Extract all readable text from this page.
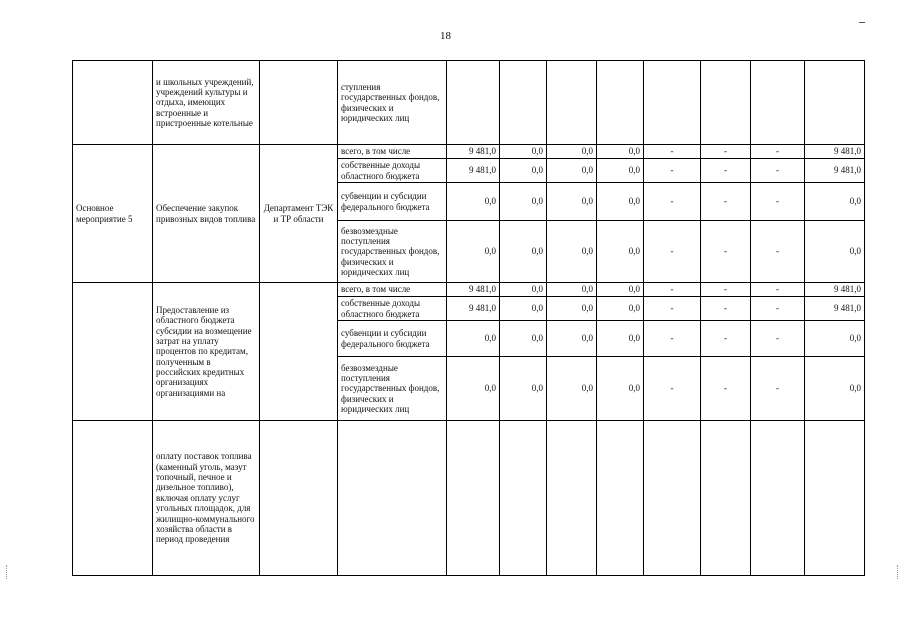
18
	и школьных учреждений, учреждений культуры и отдыха, имеющих встроенные и пристроенные котельные		ступления государственных фондов, физических и юридических лиц								
Основное мероприятие 5	Обеспечение закупок привозных видов топлива	Департамент ТЭК и ТР области	всего, в том числе	9 481,0	0,0	0,0	0,0	-	-	-	9 481,0
			собственные доходы областного бюджета	9 481,0	0,0	0,0	0,0	-	-	-	9 481,0
			субвенции и субсидии федерального бюджета	0,0	0,0	0,0	0,0	-	-	-	0,0
			безвозмездные поступления государственных фондов, физических и юридических лиц	0,0	0,0	0,0	0,0	-	-	-	0,0
	Предоставление из областного бюджета субсидии на возмещение затрат на уплату процентов по кредитам, полученным в российских кредитных организациях организациями на		всего, в том числе	9 481,0	0,0	0,0	0,0	-	-	-	9 481,0
			собственные доходы областного бюджета	9 481,0	0,0	0,0	0,0	-	-	-	9 481,0
			субвенции и субсидии федерального бюджета	0,0	0,0	0,0	0,0	-	-	-	0,0
			безвозмездные поступления государственных фондов, физических и юридических лиц	0,0	0,0	0,0	0,0	-	-	-	0,0
	оплату поставок топлива (каменный уголь, мазут топочный, печное и дизельное топливо), включая оплату услуг угольных площадок, для жилищно-коммунального хозяйства области в период проведения										
